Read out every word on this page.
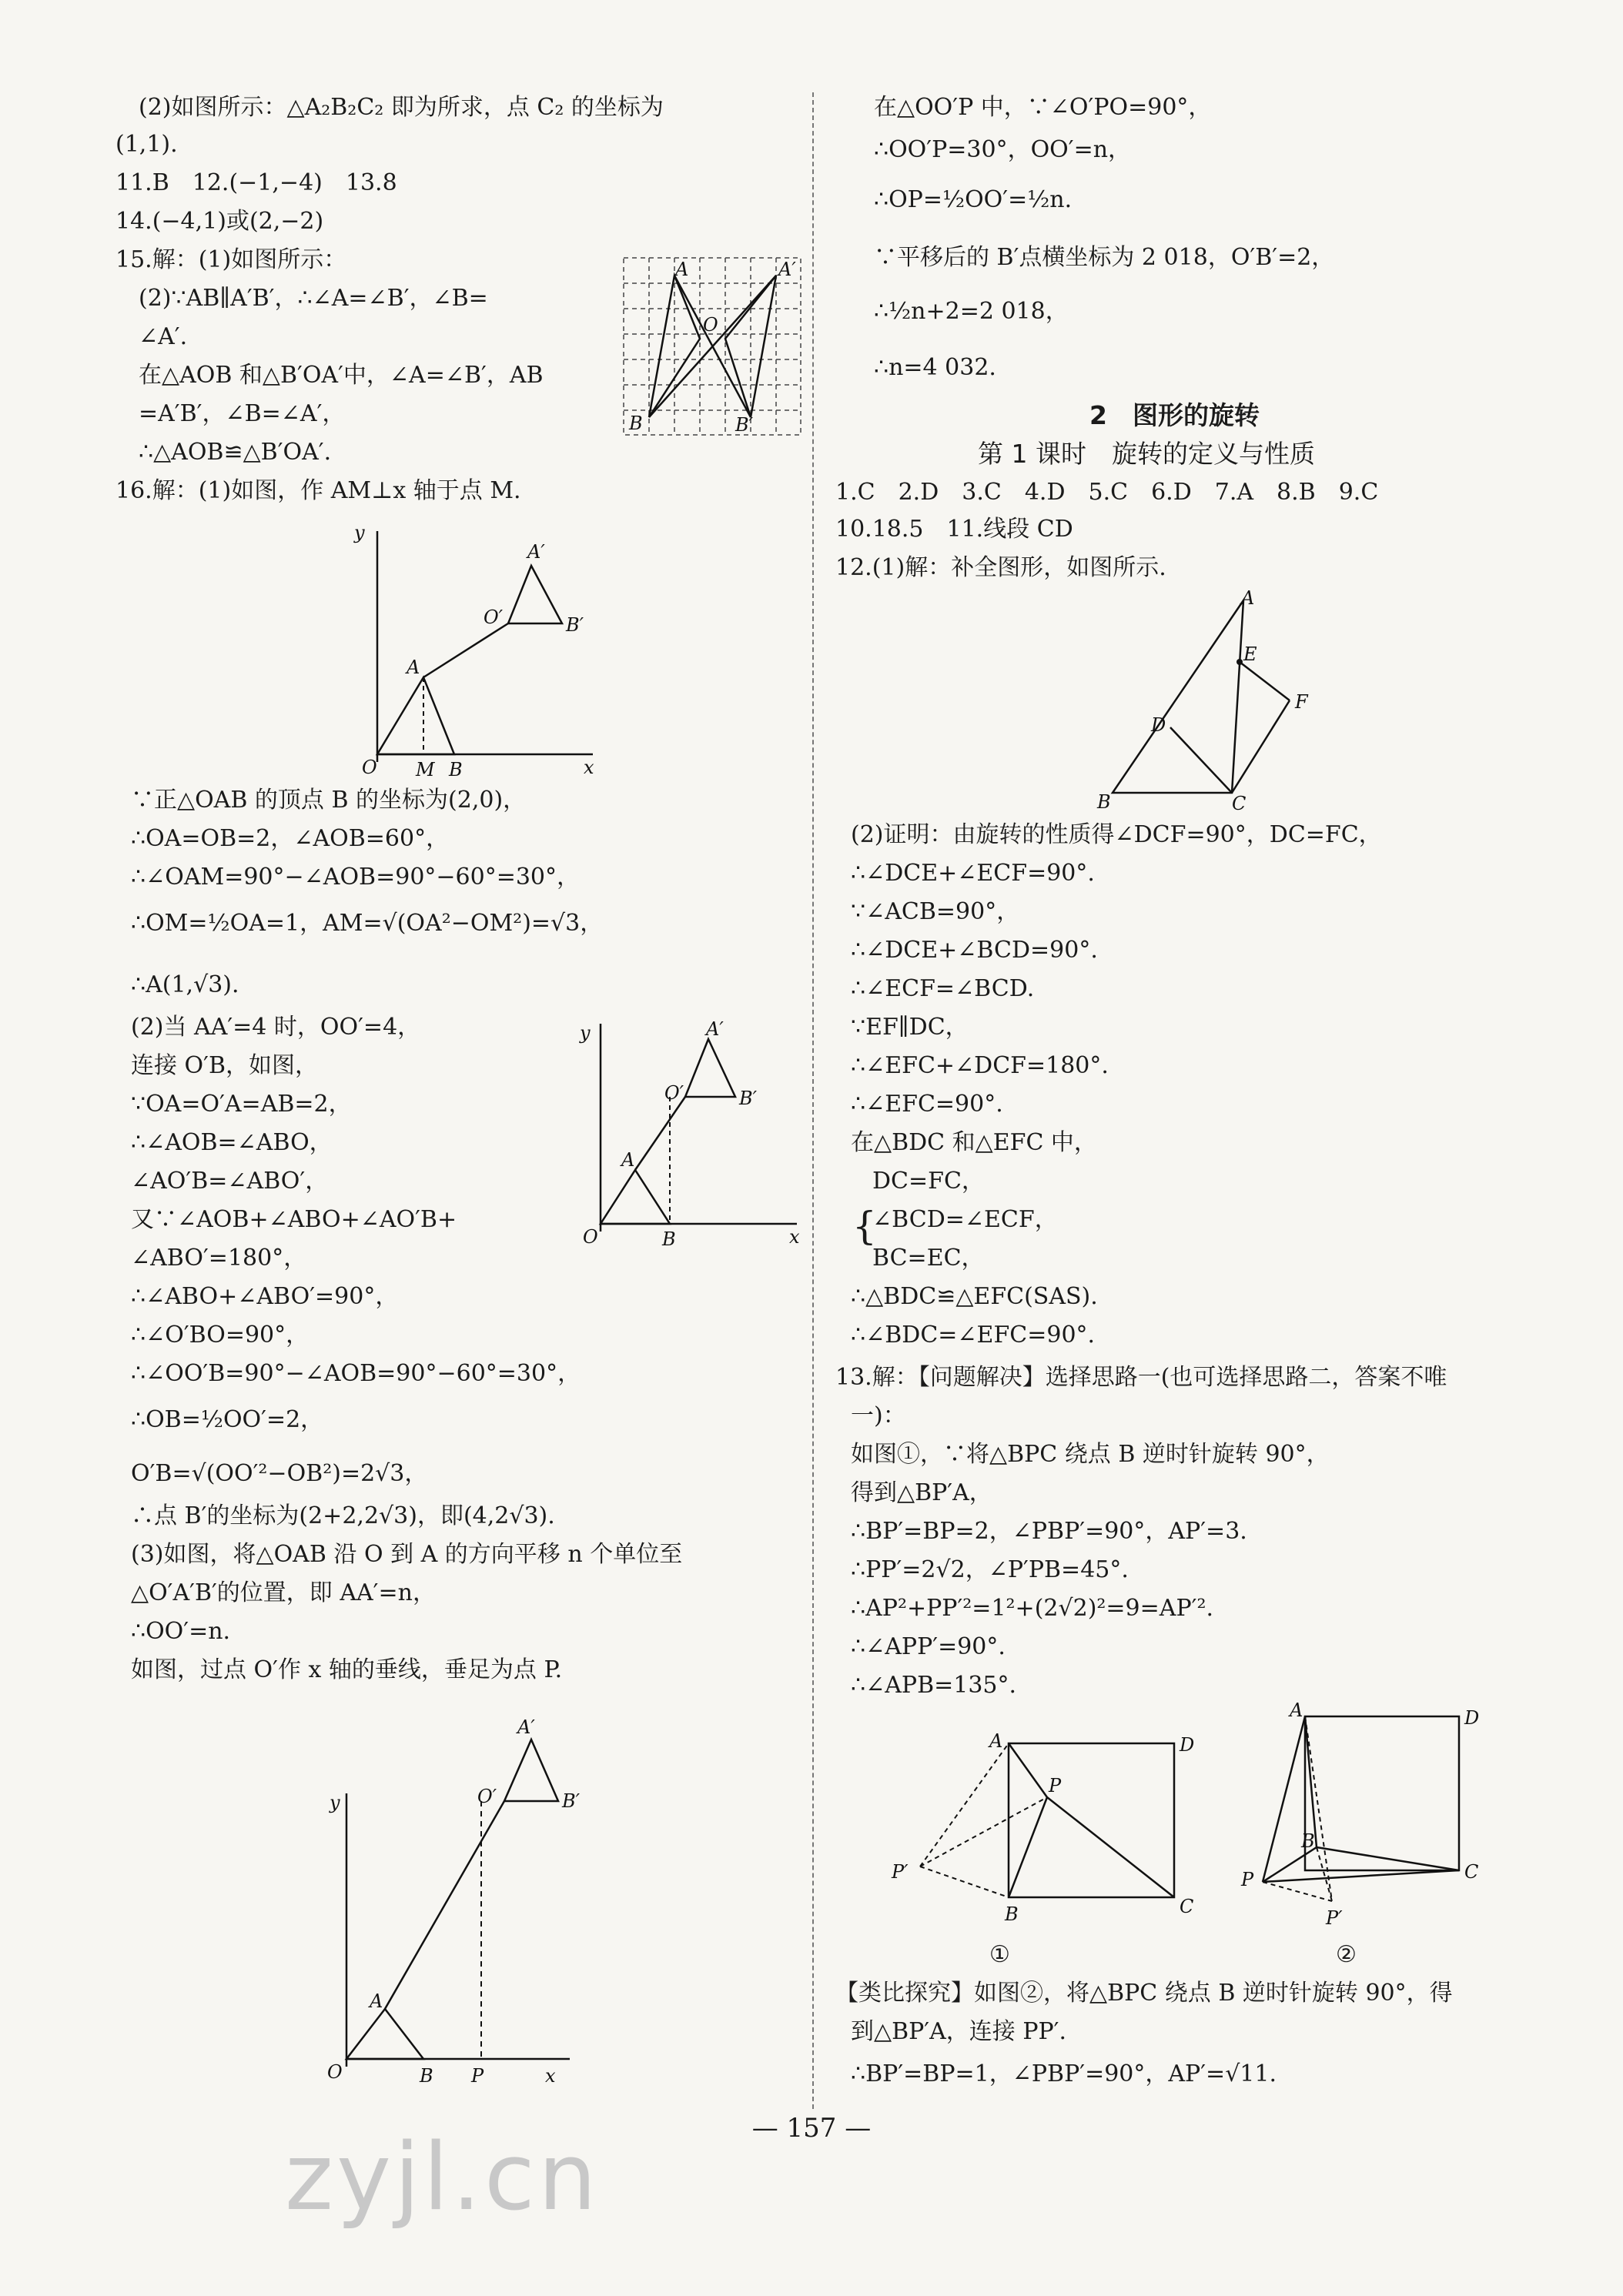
(2)如图所示：△A₂B₂C₂ 即为所求，点 C₂ 的坐标为
(1,1).
11.B　12.(−1,−4)　13.8
14.(−4,1)或(2,−2)
15.解：(1)如图所示：
(2)∵AB∥A′B′，∴∠A=∠B′，∠B=
∠A′.
在△AOB 和△B′OA′中，∠A=∠B′，AB
=A′B′，∠B=∠A′，
∴△AOB≌△B′OA′.
16.解：(1)如图，作 AM⊥x 轴于点 M.
∵正△OAB 的顶点 B 的坐标为(2,0)，
∴OA=OB=2，∠AOB=60°，
∴∠OAM=90°−∠AOB=90°−60°=30°，
∴OM=½OA=1，AM=√(OA²−OM²)=√3，
∴A(1,√3).
(2)当 AA′=4 时，OO′=4，
连接 O′B，如图，
∵OA=O′A=AB=2，
∴∠AOB=∠ABO，
∠AO′B=∠ABO′，
又∵∠AOB+∠ABO+∠AO′B+
∠ABO′=180°，
∴∠ABO+∠ABO′=90°，
∴∠O′BO=90°，
∴∠OO′B=90°−∠AOB=90°−60°=30°，
∴OB=½OO′=2，
O′B=√(OO′²−OB²)=2√3，
∴点 B′的坐标为(2+2,2√3)，即(4,2√3).
(3)如图，将△OAB 沿 O 到 A 的方向平移 n 个单位至
△O′A′B′的位置，即 AA′=n，
∴OO′=n.
如图，过点 O′作 x 轴的垂线，垂足为点 P.
A	A′
B	B′
O
y
x
O M B
A
O′
A′
B′
y
x
O	B
A
O′
A′
B′
y
x
O	B P
A
O′
A′
B′
在△OO′P 中，∵∠O′PO=90°，
∴OO′P=30°，OO′=n，
∴OP=½OO′=½n.
∵平移后的 B′点横坐标为 2 018，O′B′=2，
∴½n+2=2 018，
∴n=4 032.
2　图形的旋转
第 1 课时　旋转的定义与性质
1.C　2.D　3.C　4.D　5.C　6.D　7.A　8.B　9.C
10.18.5　11.线段 CD
12.(1)解：补全图形，如图所示.
(2)证明：由旋转的性质得∠DCF=90°，DC=FC，
∴∠DCE+∠ECF=90°.
∵∠ACB=90°，
∴∠DCE+∠BCD=90°.
∴∠ECF=∠BCD.
∵EF∥DC，
∴∠EFC+∠DCF=180°.
∴∠EFC=90°.
在△BDC 和△EFC 中，
{
DC=FC，
∠BCD=∠ECF，
BC=EC，
∴△BDC≌△EFC(SAS).
∴∠BDC=∠EFC=90°.
13.解：【问题解决】选择思路一(也可选择思路二，答案不唯
一)：
如图①，∵将△BPC 绕点 B 逆时针旋转 90°，
得到△BP′A，
∴BP′=BP=2，∠PBP′=90°，AP′=3.
∴PP′=2√2，∠P′PB=45°.
∴AP²+PP′²=1²+(2√2)²=9=AP′².
∴∠APP′=90°.
∴∠APB=135°.
①	②
【类比探究】如图②，将△BPC 绕点 B 逆时针旋转 90°，得
到△BP′A，连接 PP′.
∴BP′=BP=1，∠PBP′=90°，AP′=√11.
A
E
F
D
B	C
A	D
P
P′
B	C
A	D
B
C
P
P′
— 157 —
zyjl.cn
